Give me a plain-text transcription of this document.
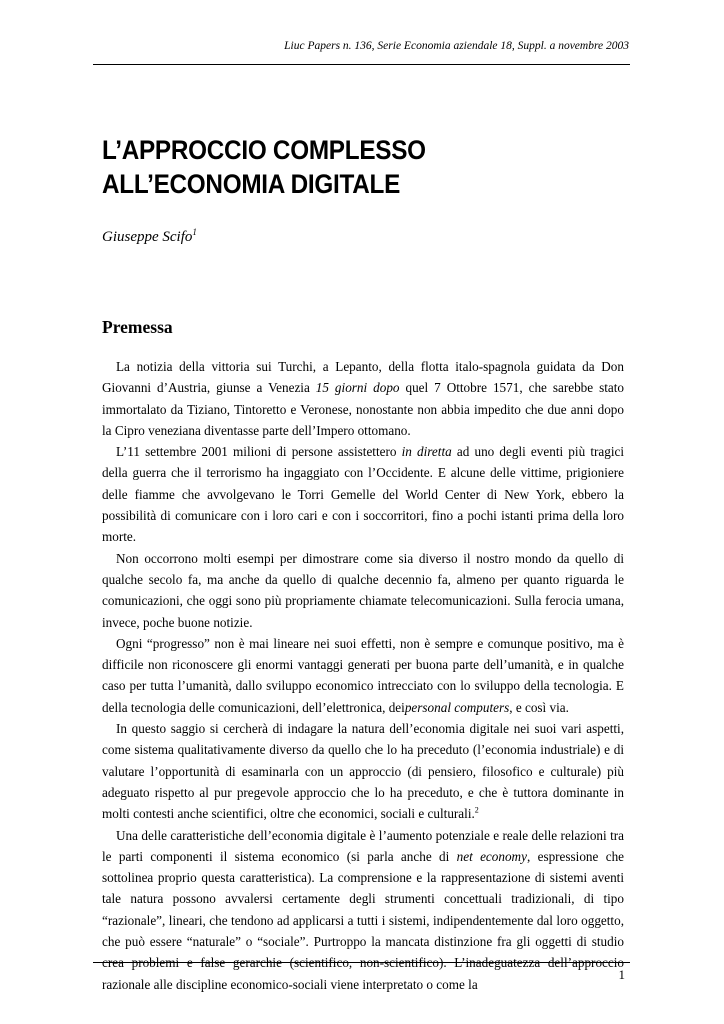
Liuc Papers n. 136, Serie Economia aziendale 18, Suppl. a novembre 2003
L’APPROCCIO COMPLESSO ALL’ECONOMIA DIGITALE
Giuseppe Scifo$^1$
Premessa

La notizia della vittoria sui Turchi, a Lepanto, della flotta italo-spagnola guidata da Don Giovanni d’Austria, giunse a Venezia 15 giorni dopo quel 7 Ottobre 1571, che sarebbe stato immortalato da Tiziano, Tintoretto e Veronese, nonostante non abbia impedito che due anni dopo la Cipro veneziana diventasse parte dell’Impero ottomano.

L’11 settembre 2001 milioni di persone assistettero in diretta ad uno degli eventi più tragici della guerra che il terrorismo ha ingaggiato con l’Occidente. E alcune delle vittime, prigioniere delle fiamme che avvolgevano le Torri Gemelle del World Center di New York, ebbero la possibilità di comunicare con i loro cari e con i soccorritori, fino a pochi istanti prima della loro morte.

Non occorrono molti esempi per dimostrare come sia diverso il nostro mondo da quello di qualche secolo fa, ma anche da quello di qualche decennio fa, almeno per quanto riguarda le comunicazioni, che oggi sono più propriamente chiamate telecomunicazioni. Sulla ferocia umana, invece, poche buone notizie.

Ogni “progresso” non è mai lineare nei suoi effetti, non è sempre e comunque positivo, ma è difficile non riconoscere gli enormi vantaggi generati per buona parte dell’umanità, e in qualche caso per tutta l’umanità, dallo sviluppo economico intrecciato con lo sviluppo della tecnologia. E della tecnologia delle comunicazioni, dell’elettronica, deipersonal computers, e così via.

In questo saggio si cercherà di indagare la natura dell’economia digitale nei suoi vari aspetti, come sistema qualitativamente diverso da quello che lo ha preceduto (l’economia industriale) e di valutare l’opportunità di esaminarla con un approccio (di pensiero, filosofico e culturale) più adeguato rispetto al pur pregevole approccio che lo ha preceduto, e che è tuttora dominante in molti contesti anche scientifici, oltre che economici, sociali e culturali.$^2$

Una delle caratteristiche dell’economia digitale è l’aumento potenziale e reale delle relazioni tra le parti componenti il sistema economico (si parla anche di net economy, espressione che sottolinea proprio questa caratteristica). La comprensione e la rappresentazione di sistemi aventi tale natura possono avvalersi certamente degli strumenti concettuali tradizionali, di tipo “razionale”, lineari, che tendono ad applicarsi a tutti i sistemi, indipendentemente dal loro oggetto, che può essere “naturale” o “sociale”. Purtroppo la mancata distinzione fra gli oggetti di studio crea problemi e false gerarchie (scientifico, non-scientifico). L’inadeguatezza dell’approccio razionale alle discipline economico-sociali viene interpretato o come la

1
